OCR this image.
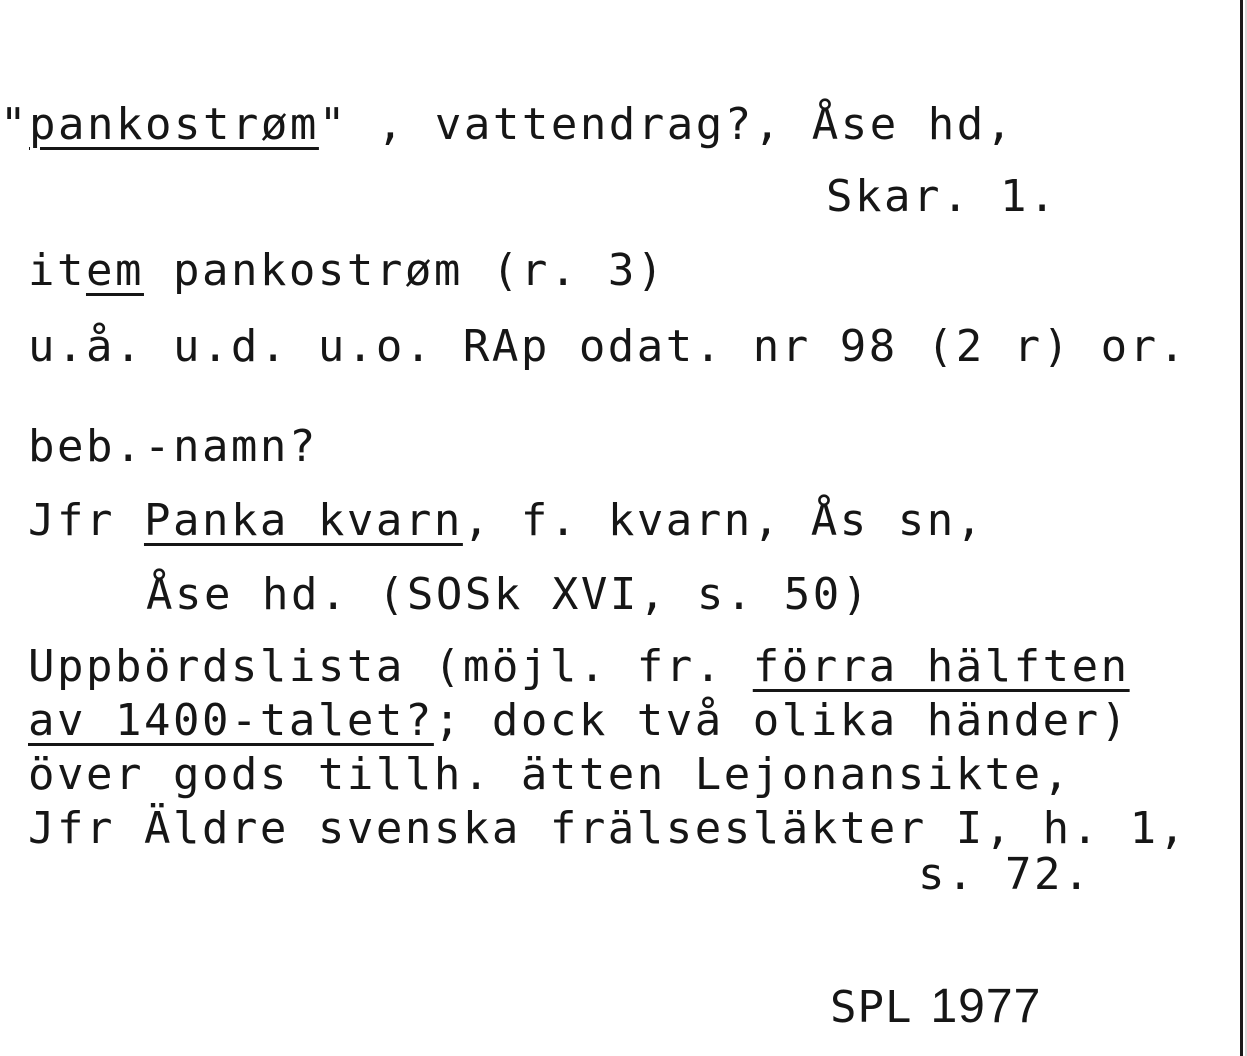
"pankostrøm" , vattendrag?, Åse hd,
Skar. 1.
item pankostrøm (r. 3)
u.å. u.d. u.o. RAp odat. nr 98 (2 r) or.
beb.-namn?
Jfr Panka kvarn, f. kvarn, Ås sn,
Åse hd. (SOSk XVI, s. 50)
Uppbördslista (möjl. fr. förra hälften
av 1400-talet?; dock två olika händer)
över gods tillh. ätten Lejonansikte,
Jfr Äldre svenska frälsesläkter I, h. 1,
s. 72.
SPL 1977
